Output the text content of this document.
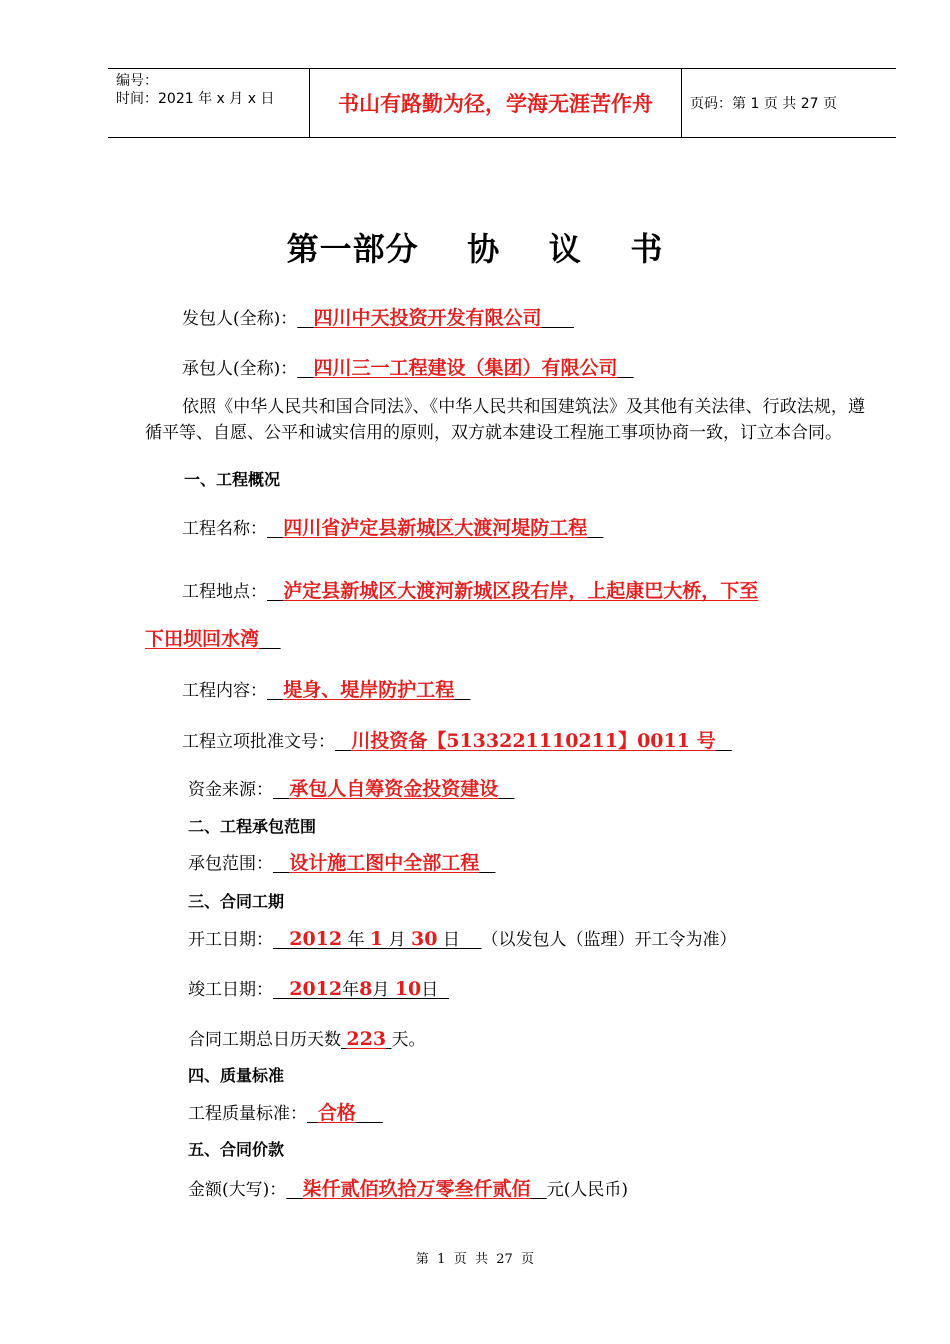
编号：
时间：2021 年 x 月 x 日	书山有路勤为径，学海无涯苦作舟	页码：第 1 页 共 27 页
第一部分    协    议    书
发包人(全称)： 四川中天投资开发有限公司
承包人(全称)： 四川三一工程建设（集团）有限公司
依照《中华人民共和国合同法》、《中华人民共和国建筑法》及其他有关法律、行政法规，遵循平等、自愿、公平和诚实信用的原则，双方就本建设工程施工事项协商一致，订立本合同。
一、工程概况
工程名称： 四川省泸定县新城区大渡河堤防工程
工程地点： 泸定县新城区大渡河新城区段右岸，上起康巴大桥，下至
下田坝回水湾
工程内容： 堤身、堤岸防护工程
工程立项批准文号： 川投资备【5133221110211】0011 号
资金来源： 承包人自筹资金投资建设
二、工程承包范围
承包范围： 设计施工图中全部工程
三、合同工期
开工日期： 2012 年 1 月 30 日 （以发包人（监理）开工令为准）
竣工日期： 2012年8月 10日
合同工期总日历天数 223 天。
四、质量标准
工程质量标准： 合格
五、合同价款
金额(大写)： 柒仟贰佰玖拾万零叁仟贰佰 元(人民币)
第  1  页  共  27  页
